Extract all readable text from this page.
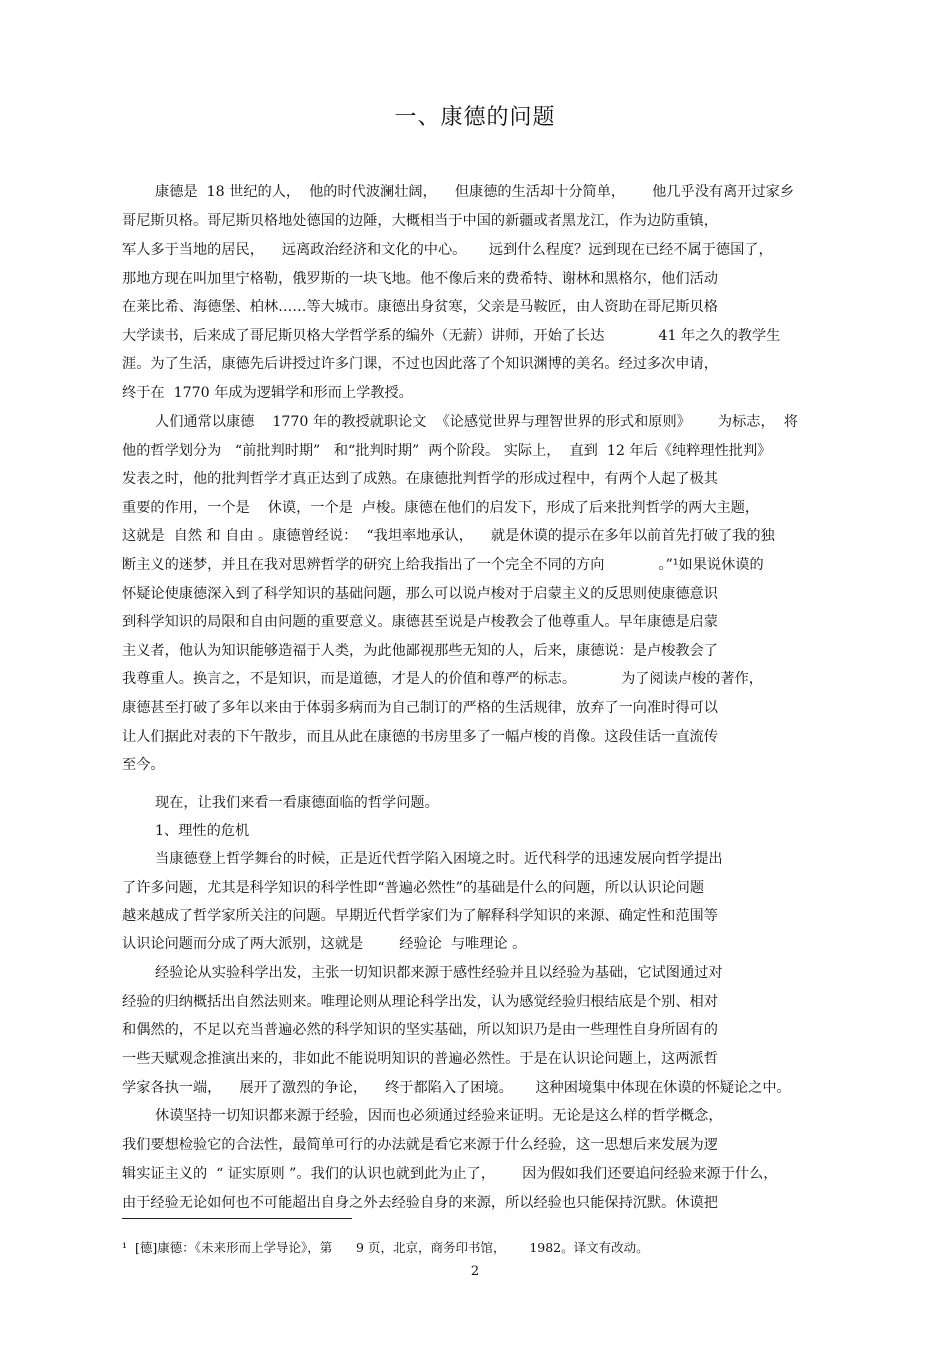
一、康德的问题
康德是  18 世纪的人，  他的时代波澜壮阔，    但康德的生活却十分简单，      他几乎没有离开过家乡
哥尼斯贝格。哥尼斯贝格地处德国的边陲，大概相当于中国的新疆或者黑龙江，作为边防重镇，
军人多于当地的居民，    远离政治经济和文化的中心。     远到什么程度？远到现在已经不属于德国了，
那地方现在叫加里宁格勒，俄罗斯的一块飞地。他不像后来的费希特、谢林和黑格尔，他们活动
在莱比希、海德堡、柏林……等大城市。康德出身贫寒，父亲是马鞍匠，由人资助在哥尼斯贝格
大学读书，后来成了哥尼斯贝格大学哲学系的编外（无薪）讲师，开始了长达            41 年之久的教学生
涯。为了生活，康德先后讲授过许多门课，不过也因此落了个知识渊博的美名。经过多次申请，
终于在  1770 年成为逻辑学和形而上学教授。
人们通常以康德    1770 年的教授就职论文  《论感觉世界与理智世界的形式和原则》      为标志，  将
他的哲学划分为   “前批判时期”   和“批判时期”  两个阶段。 实际上，  直到  12 年后《纯粹理性批判》
发表之时，他的批判哲学才真正达到了成熟。在康德批判哲学的形成过程中，有两个人起了极其
重要的作用，一个是    休谟，一个是  卢梭。康德在他们的启发下，形成了后来批判哲学的两大主题，
这就是  自然 和 自由 。康德曾经说：  “我坦率地承认，    就是休谟的提示在多年以前首先打破了我的独
断主义的迷梦，并且在我对思辨哲学的研究上给我指出了一个完全不同的方向            。”¹如果说休谟的
怀疑论使康德深入到了科学知识的基础问题，那么可以说卢梭对于启蒙主义的反思则使康德意识
到科学知识的局限和自由问题的重要意义。康德甚至说是卢梭教会了他尊重人。早年康德是启蒙
主义者，他认为知识能够造福于人类，为此他鄙视那些无知的人，后来，康德说：是卢梭教会了
我尊重人。换言之，不是知识，而是道德，才是人的价值和尊严的标志。          为了阅读卢梭的著作，
康德甚至打破了多年以来由于体弱多病而为自己制订的严格的生活规律，放弃了一向准时得可以
让人们据此对表的下午散步，而且从此在康德的书房里多了一幅卢梭的肖像。这段佳话一直流传
至今。
现在，让我们来看一看康德面临的哲学问题。
1、理性的危机
当康德登上哲学舞台的时候，正是近代哲学陷入困境之时。近代科学的迅速发展向哲学提出
了许多问题，尤其是科学知识的科学性即“普遍必然性”的基础是什么的问题，所以认识论问题
越来越成了哲学家所关注的问题。早期近代哲学家们为了解释科学知识的来源、确定性和范围等
认识论问题而分成了两大派别，这就是        经验论  与唯理论 。
经验论从实验科学出发，主张一切知识都来源于感性经验并且以经验为基础，它试图通过对
经验的归纳概括出自然法则来。唯理论则从理论科学出发，认为感觉经验归根结底是个别、相对
和偶然的，不足以充当普遍必然的科学知识的坚实基础，所以知识乃是由一些理性自身所固有的
一些天赋观念推演出来的，非如此不能说明知识的普遍必然性。于是在认识论问题上，这两派哲
学家各执一端，    展开了激烈的争论，    终于都陷入了困境。     这种困境集中体现在休谟的怀疑论之中。
休谟坚持一切知识都来源于经验，因而也必须通过经验来证明。无论是这么样的哲学概念，
我们要想检验它的合法性，最简单可行的办法就是看它来源于什么经验，这一思想后来发展为逻
辑实证主义的  “ 证实原则 ”。我们的认识也就到此为止了，      因为假如我们还要追问经验来源于什么，
由于经验无论如何也不可能超出自身之外去经验自身的来源，所以经验也只能保持沉默。休谟把
¹  [德]康德：《未来形而上学导论》，第      9 页，北京，商务印书馆，      1982。译文有改动。
2
